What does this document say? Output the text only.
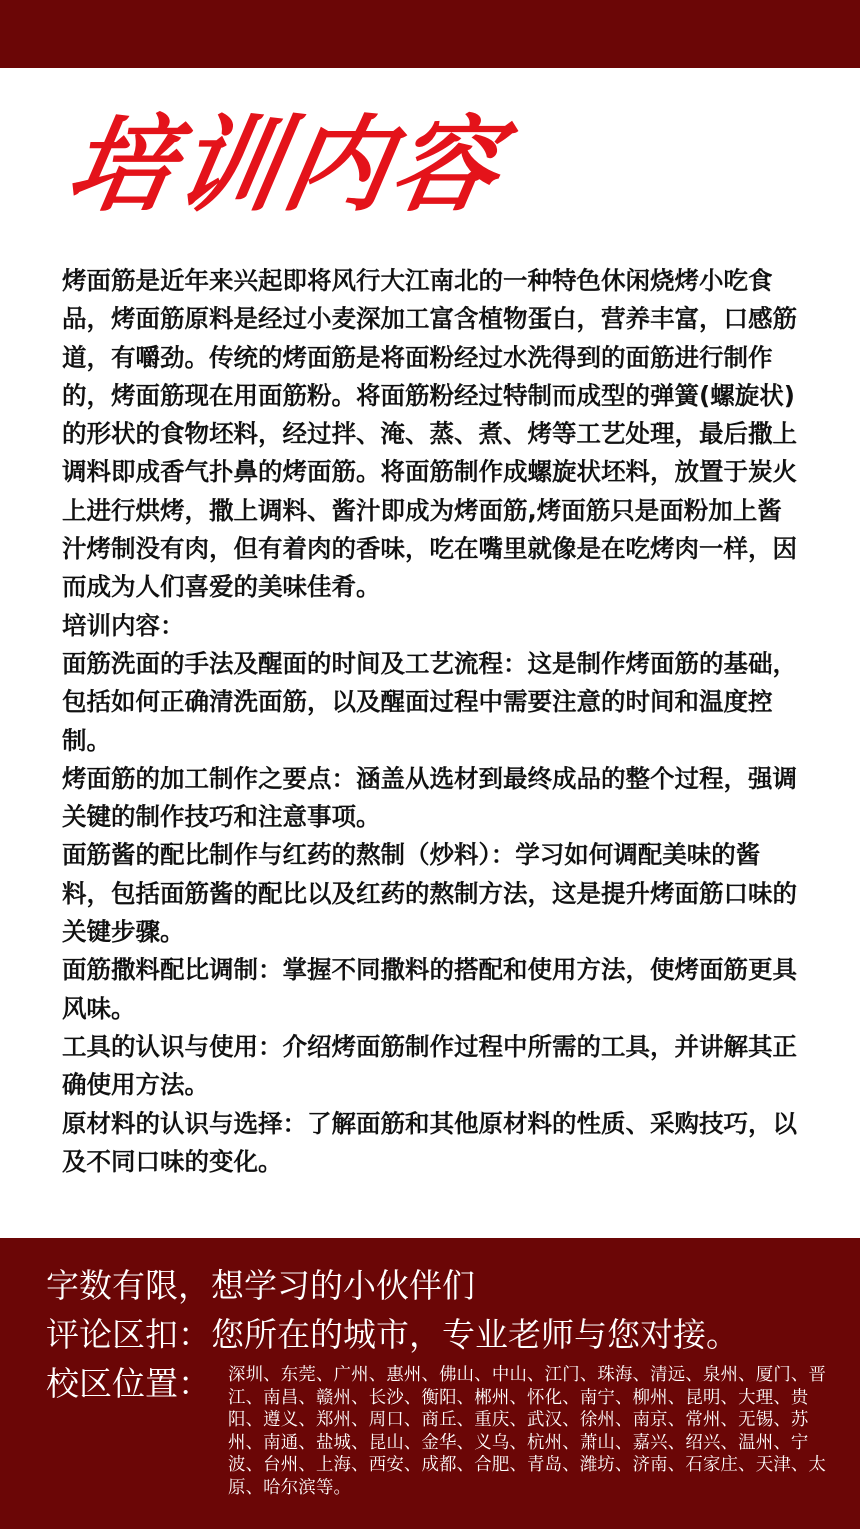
培训内容

烤面筋是近年来兴起即将风行大江南北的一种特色休闲烧烤小吃食品，烤面筋原料是经过小麦深加工富含植物蛋白，营养丰富，口感筋道，有嚼劲。传统的烤面筋是将面粉经过水洗得到的面筋进行制作的，烤面筋现在用面筋粉。将面筋粉经过特制而成型的弹簧(螺旋状)的形状的食物坯料，经过拌、淹、蒸、煮、烤等工艺处理，最后撒上调料即成香气扑鼻的烤面筋。将面筋制作成螺旋状坯料，放置于炭火上进行烘烤，撒上调料、酱汁即成为烤面筋,烤面筋只是面粉加上酱汁烤制没有肉，但有着肉的香味，吃在嘴里就像是在吃烤肉一样，因而成为人们喜爱的美味佳肴。

培训内容：

面筋洗面的手法及醒面的时间及工艺流程：这是制作烤面筋的基础，包括如何正确清洗面筋，以及醒面过程中需要注意的时间和温度控制。

烤面筋的加工制作之要点：涵盖从选材到最终成品的整个过程，强调关键的制作技巧和注意事项。

面筋酱的配比制作与红药的熬制（炒料）：学习如何调配美味的酱料，包括面筋酱的配比以及红药的熬制方法，这是提升烤面筋口味的关键步骤。

面筋撒料配比调制：掌握不同撒料的搭配和使用方法，使烤面筋更具风味。

工具的认识与使用：介绍烤面筋制作过程中所需的工具，并讲解其正确使用方法。

原材料的认识与选择：了解面筋和其他原材料的性质、采购技巧，以及不同口味的变化。

字数有限，想学习的小伙伴们
评论区扣：您所在的城市，专业老师与您对接。
校区位置： 深圳、东莞、广州、惠州、佛山、中山、江门、珠海、清远、泉州、厦门、晋江、南昌、赣州、长沙、衡阳、郴州、怀化、南宁、柳州、昆明、大理、贵阳、遵义、郑州、周口、商丘、重庆、武汉、徐州、南京、常州、无锡、苏州、南通、盐城、昆山、金华、义乌、杭州、萧山、嘉兴、绍兴、温州、宁波、台州、上海、西安、成都、合肥、青岛、潍坊、济南、石家庄、天津、太原、哈尔滨等。
